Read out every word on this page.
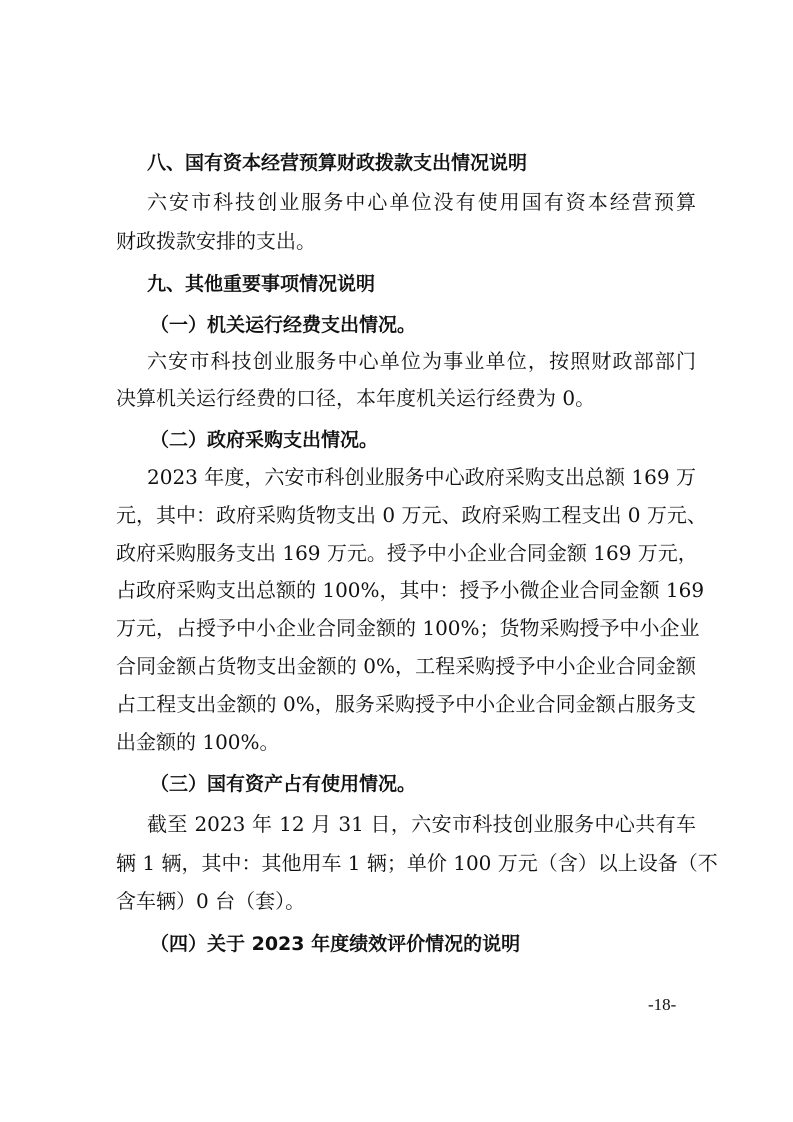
八、国有资本经营预算财政拨款支出情况说明
六安市科技创业服务中心单位没有使用国有资本经营预算
财政拨款安排的支出。
九、其他重要事项情况说明
（一）机关运行经费支出情况。
六安市科技创业服务中心单位为事业单位，按照财政部部门
决算机关运行经费的口径，本年度机关运行经费为 0。
（二）政府采购支出情况。
2023 年度，六安市科创业服务中心政府采购支出总额 169 万
元，其中：政府采购货物支出 0 万元、政府采购工程支出 0 万元、
政府采购服务支出 169 万元。授予中小企业合同金额 169 万元，
占政府采购支出总额的 100%，其中：授予小微企业合同金额 169
万元，占授予中小企业合同金额的 100%；货物采购授予中小企业
合同金额占货物支出金额的 0%，工程采购授予中小企业合同金额
占工程支出金额的 0%，服务采购授予中小企业合同金额占服务支
出金额的 100%。
（三）国有资产占有使用情况。
截至 2023 年 12 月 31 日，六安市科技创业服务中心共有车
辆 1 辆，其中：其他用车 1 辆；单价 100 万元（含）以上设备（不
含车辆）0 台（套）。
（四）关于 2023 年度绩效评价情况的说明
-18-
